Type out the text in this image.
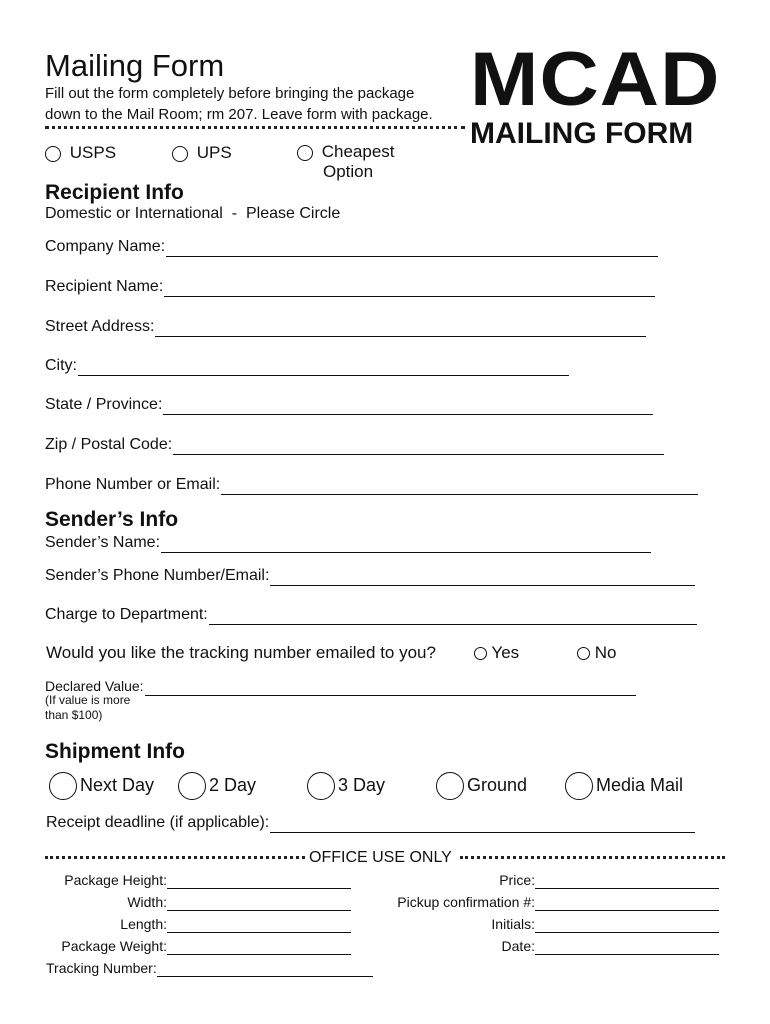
Mailing Form
Fill out the form completely before bringing the package
down to the Mail Room; rm 207. Leave form with package. MCAD
MAILING FORM
USPS	UPS	Cheapest
Option
Recipient Info
Domestic or International  -  Please Circle
Company Name:
Recipient Name:
Street Address:
City:
State / Province:
Zip / Postal Code:
Phone Number or Email:
Sender’s Info
Sender’s Name:
Sender’s Phone Number/Email:
Charge to Department:
Would you like the tracking number emailed to you?	Yes	No
Declared Value:
(If value is more
than $100)
Shipment Info
Next Day	2 Day	3 Day	Ground	Media Mail
Receipt deadline (if applicable):
OFFICE USE ONLY
Package Height:
Width:
Length:
Package Weight:
Tracking Number:
Price:
Pickup confirmation #:
Initials:
Date:
